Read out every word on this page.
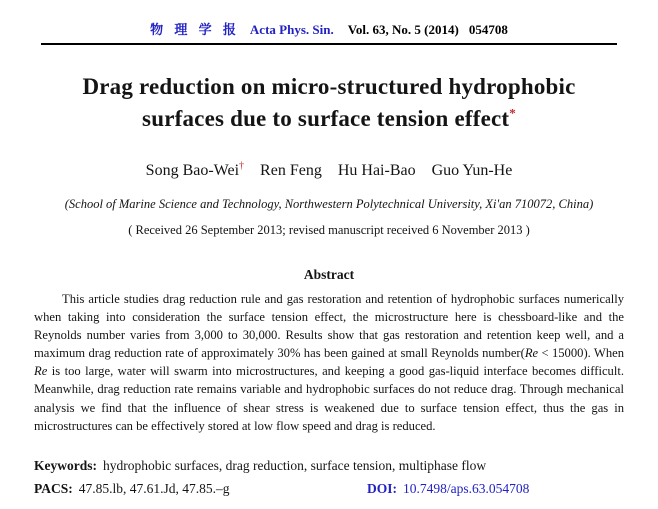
物 理 学 报 Acta Phys. Sin. Vol. 63, No. 5 (2014) 054708
Drag reduction on micro-structured hydrophobic surfaces due to surface tension effect*
Song Bao-Wei† Ren Feng Hu Hai-Bao Guo Yun-He
(School of Marine Science and Technology, Northwestern Polytechnical University, Xi'an 710072, China)
( Received 26 September 2013; revised manuscript received 6 November 2013 )
Abstract

This article studies drag reduction rule and gas restoration and retention of hydrophobic surfaces numerically when taking into consideration the surface tension effect, the microstructure here is chessboard-like and the Reynolds number varies from 3,000 to 30,000. Results show that gas restoration and retention keep well, and a maximum drag reduction rate of approximately 30% has been gained at small Reynolds number(Re < 15000). When Re is too large, water will swarm into microstructures, and keeping a good gas-liquid interface becomes difficult. Meanwhile, drag reduction rate remains variable and hydrophobic surfaces do not reduce drag. Through mechanical analysis we find that the influence of shear stress is weakened due to surface tension effect, thus the gas in microstructures can be effectively stored at low flow speed and drag is reduced.

Keywords: hydrophobic surfaces, drag reduction, surface tension, multiphase flow
PACS: 47.85.lb, 47.61.Jd, 47.85.–g	DOI: 10.7498/aps.63.054708
